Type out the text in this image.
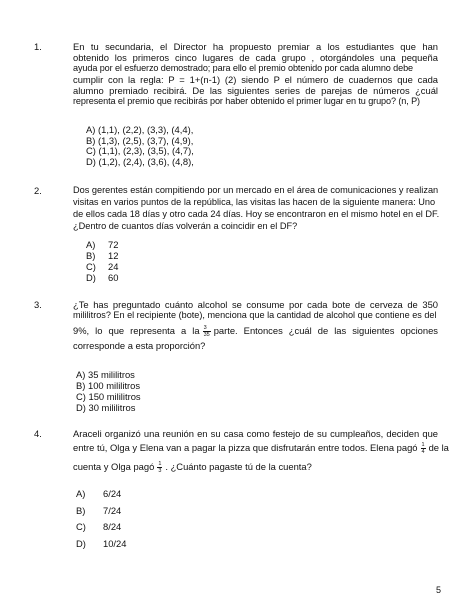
1.	En tu secundaria, el Director ha propuesto premiar a los estudiantes que han
obtenido los primeros cinco lugares de cada grupo , otorgándoles una pequeña
ayuda por el esfuerzo demostrado; para ello el premio obtenido por cada alumno debe
cumplir con la regla: P = 1+(n-1) (2) siendo P el número de cuadernos que cada
alumno premiado recibirá. De las siguientes series de parejas de números ¿cuál
representa el premio que recibirás por haber obtenido el primer lugar en tu grupo? (n, P)
A) (1,1), (2,2), (3,3), (4,4),
B) (1,3), (2,5), (3,7), (4,9),
C) (1,1), (2,3), (3,5), (4,7),
D) (1,2), (2,4), (3,6), (4,8),
2.	Dos gerentes están compitiendo por un mercado en el área de comunicaciones y realizan
visitas en varios puntos de la república, las visitas las hacen de la siguiente manera: Uno
de ellos cada 18 días y otro cada 24 días. Hoy se encontraron en el mismo hotel en el DF.
¿Dentro de cuantos días volverán a coincidir en el DF?
A) 72
B) 12
C) 24
D) 60
3.	¿Te has preguntado cuánto alcohol se consume por cada bote de cerveza de 350
mililitros? En el recipiente (bote), menciona que la cantidad de alcohol que contiene es del
9%, lo que representa a la $\frac{3}{35}$ parte. Entonces ¿cuál de las siguientes opciones
corresponde a esta proporción?
A) 35 mililitros
B) 100 mililitros
C) 150 mililitros
D) 30 mililitros
4.	Araceli organizó una reunión en su casa como festejo de su cumpleaños, deciden que
entre tú, Olga y Elena van a pagar la pizza que disfrutarán entre todos. Elena pagó $\frac{1}{4}$ de la
cuenta y Olga pagó $\frac{1}{3}$ . ¿Cuánto pagaste tú de la cuenta?
A) 6/24
B) 7/24
C) 8/24
D) 10/24
5
